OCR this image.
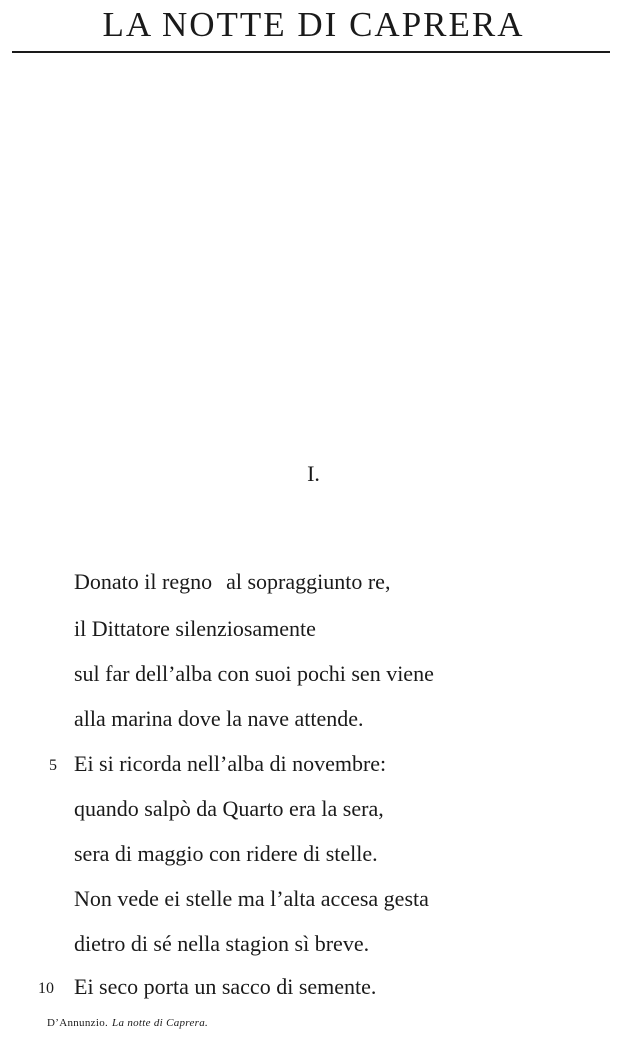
LA NOTTE DI CAPRERA
I.
Donato il regno al sopraggiunto re,
il Dittatore silenziosamente
sul far dell’alba con suoi pochi sen viene
alla marina dove la nave attende.
5 Ei si ricorda nell’alba di novembre:
quando salpò da Quarto era la sera,
sera di maggio con ridere di stelle.
Non vede ei stelle ma l’alta accesa gesta
dietro di sé nella stagion sì breve.
10 Ei seco porta un sacco di semente.
D’Annunzio. La notte di Caprera.
